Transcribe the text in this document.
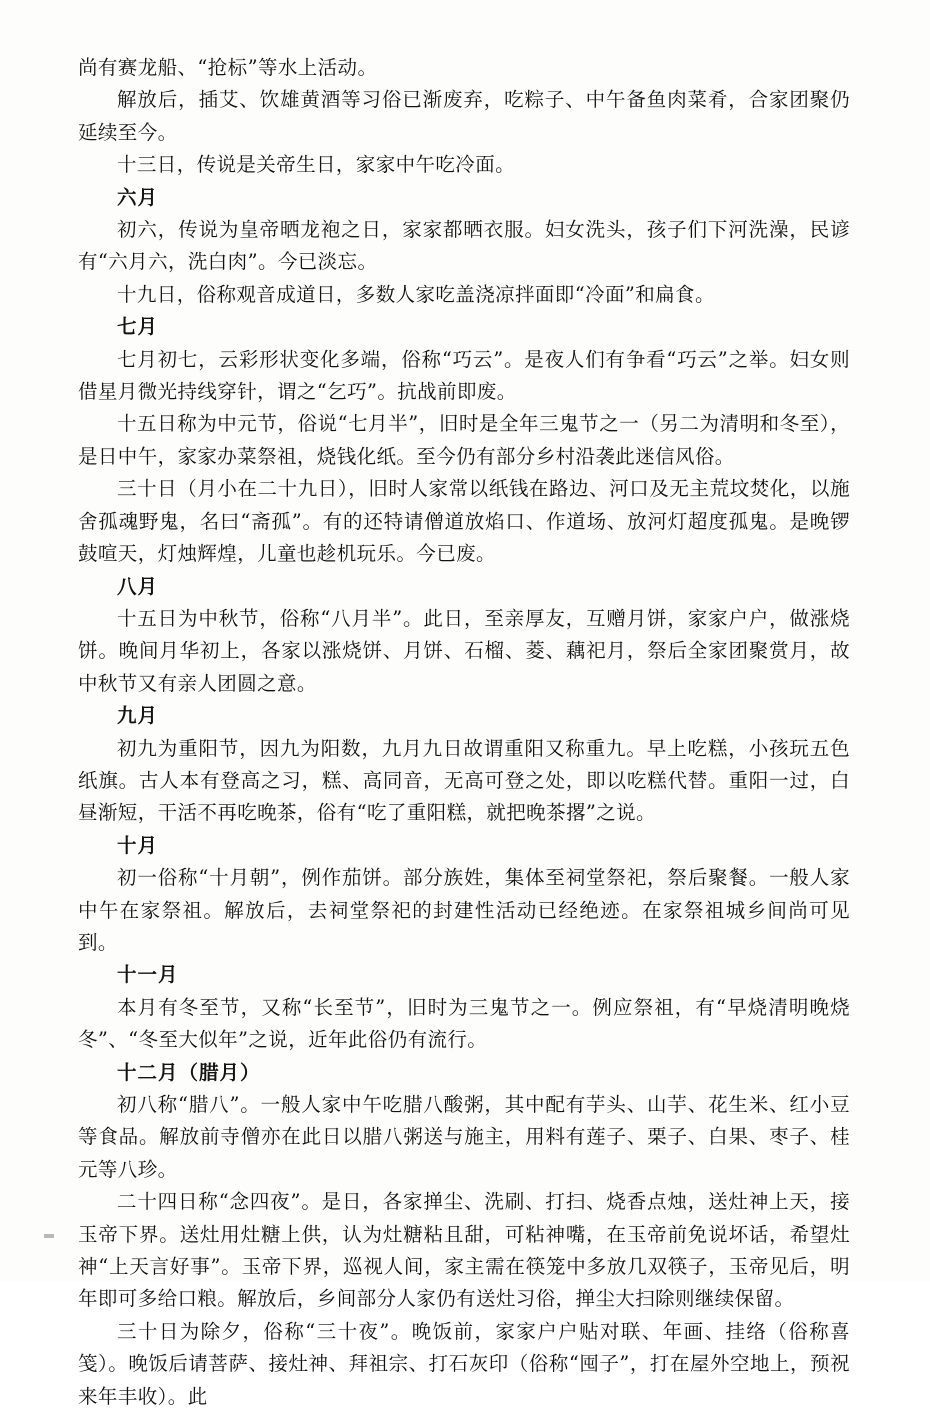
尚有赛龙船、“抢标”等水上活动。

解放后，插艾、饮雄黄酒等习俗已渐废弃，吃粽子、中午备鱼肉菜肴，合家团聚仍延续至今。

十三日，传说是关帝生日，家家中午吃冷面。

六月

初六，传说为皇帝晒龙袍之日，家家都晒衣服。妇女洗头，孩子们下河洗澡，民谚有“六月六，洗白肉”。今已淡忘。

十九日，俗称观音成道日，多数人家吃盖浇凉拌面即“冷面”和扁食。

七月

七月初七，云彩形状变化多端，俗称“巧云”。是夜人们有争看“巧云”之举。妇女则借星月微光持线穿针，谓之“乞巧”。抗战前即废。

十五日称为中元节，俗说“七月半”，旧时是全年三鬼节之一（另二为清明和冬至），是日中午，家家办菜祭祖，烧钱化纸。至今仍有部分乡村沿袭此迷信风俗。

三十日（月小在二十九日），旧时人家常以纸钱在路边、河口及无主荒坟焚化，以施舍孤魂野鬼，名曰“斋孤”。有的还特请僧道放焰口、作道场、放河灯超度孤鬼。是晚锣鼓喧天，灯烛辉煌，儿童也趁机玩乐。今已废。

八月

十五日为中秋节，俗称“八月半”。此日，至亲厚友，互赠月饼，家家户户，做涨烧饼。晚间月华初上，各家以涨烧饼、月饼、石榴、菱、藕祀月，祭后全家团聚赏月，故中秋节又有亲人团圆之意。

九月

初九为重阳节，因九为阳数，九月九日故谓重阳又称重九。早上吃糕，小孩玩五色纸旗。古人本有登高之习，糕、高同音，无高可登之处，即以吃糕代替。重阳一过，白昼渐短，干活不再吃晚茶，俗有“吃了重阳糕，就把晚茶撂”之说。

十月

初一俗称“十月朝”，例作茄饼。部分族姓，集体至祠堂祭祀，祭后聚餐。一般人家中午在家祭祖。解放后，去祠堂祭祀的封建性活动已经绝迹。在家祭祖城乡间尚可见到。

十一月

本月有冬至节，又称“长至节”，旧时为三鬼节之一。例应祭祖，有“早烧清明晚烧冬”、“冬至大似年”之说，近年此俗仍有流行。

十二月（腊月）

初八称“腊八”。一般人家中午吃腊八酸粥，其中配有芋头、山芋、花生米、红小豆等食品。解放前寺僧亦在此日以腊八粥送与施主，用料有莲子、栗子、白果、枣子、桂元等八珍。

二十四日称“念四夜”。是日，各家掸尘、洗刷、打扫、烧香点烛，送灶神上天，接玉帝下界。送灶用灶糖上供，认为灶糖粘且甜，可粘神嘴，在玉帝前免说坏话，希望灶神“上天言好事”。玉帝下界，巡视人间，家主需在筷笼中多放几双筷子，玉帝见后，明年即可多给口粮。解放后，乡间部分人家仍有送灶习俗，掸尘大扫除则继续保留。

三十日为除夕，俗称“三十夜”。晚饭前，家家户户贴对联、年画、挂络（俗称喜笺）。晚饭后请菩萨、接灶神、拜祖宗、打石灰印（俗称“囤子”，打在屋外空地上，预祝来年丰收）。此
